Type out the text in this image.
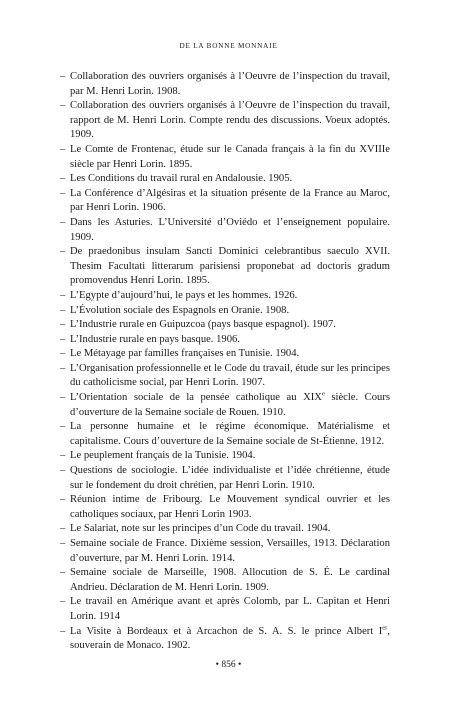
DE LA BONNE MONNAIE
– Collaboration des ouvriers organisés à l’Oeuvre de l’inspection du travail, par M. Henri Lorin. 1908.
– Collaboration des ouvriers organisés à l’Oeuvre de l’inspection du travail, rapport de M. Henri Lorin. Compte rendu des discussions. Voeux adoptés. 1909.
– Le Comte de Frontenac, étude sur le Canada français à la fin du XVIIIe siècle par Henri Lorin. 1895.
– Les Conditions du travail rural en Andalousie. 1905.
– La Conférence d’Algésiras et la situation présente de la France au Maroc, par Henri Lorin. 1906.
– Dans les Asturies. L’Université d’Oviédo et l’enseignement populaire. 1909.
– De praedonibus insulam Sancti Dominici celebrantibus saeculo XVII. Thesim Facultati litterarum parisiensi proponebat ad doctoris gradum promovendus Henri Lorin. 1895.
– L’Egypte d’aujourd’hui, le pays et les hommes. 1926.
– L’Évolution sociale des Espagnols en Oranie. 1908.
– L’Industrie rurale en Guipuzcoa (pays basque espagnol). 1907.
– L’Industrie rurale en pays basque. 1906.
– Le Métayage par familles françaises en Tunisie. 1904.
– L’Organisation professionnelle et le Code du travail, étude sur les principes du catholicisme social, par Henri Lorin. 1907.
– L’Orientation sociale de la pensée catholique au XIXe siècle. Cours d’ouverture de la Semaine sociale de Rouen. 1910.
– La personne humaine et le régime économique. Matérialisme et capitalisme. Cours d’ouverture de la Semaine sociale de St-Étienne. 1912.
– Le peuplement français de la Tunisie. 1904.
– Questions de sociologie. L’idée individualiste et l’idée chrétienne, étude sur le fondement du droit chrétien, par Henri Lorin. 1910.
– Réunion intime de Fribourg. Le Mouvement syndical ouvrier et les catholiques sociaux, par Henri Lorin 1903.
– Le Salariat, note sur les principes d’un Code du travail. 1904.
– Semaine sociale de France. Dixième session, Versailles, 1913. Déclaration d’ouverture, par M. Henri Lorin. 1914.
– Semaine sociale de Marseille, 1908. Allocution de S. É. Le cardinal Andrieu. Déclaration de M. Henri Lorin. 1909.
– Le travail en Amérique avant et après Colomb, par L. Capitan et Henri Lorin. 1914
– La Visite à Bordeaux et à Arcachon de S. A. S. le prince Albert Ier, souverain de Monaco. 1902.
• 856 •
